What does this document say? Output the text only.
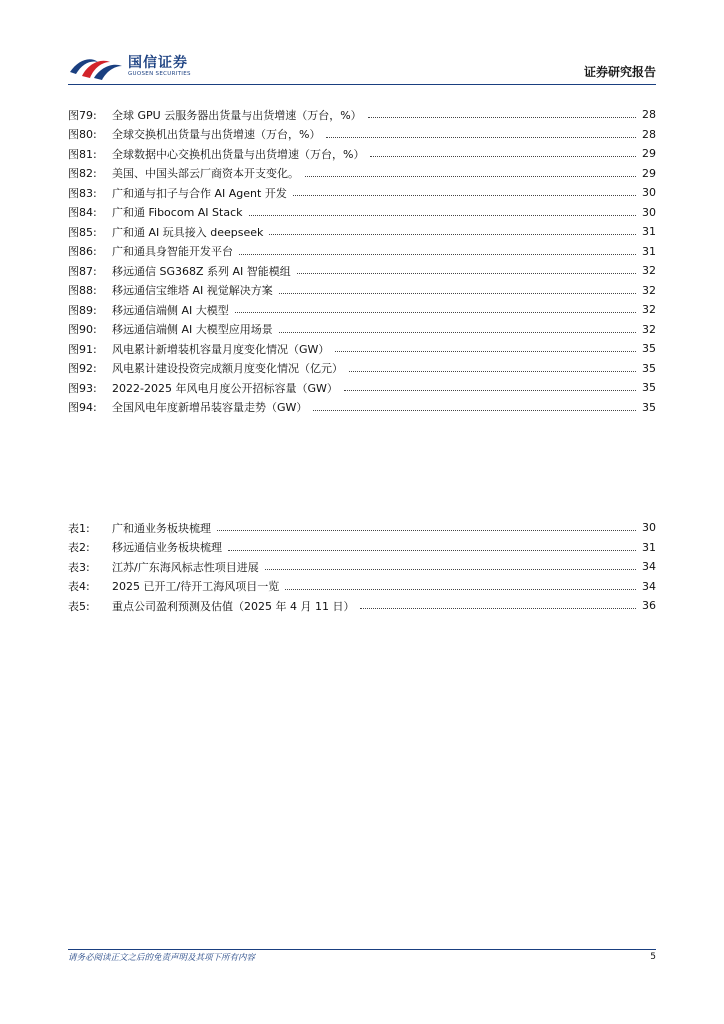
国信证券
GUOSEN SECURITIES	证券研究报告
图79:	全球 GPU 云服务器出货量与出货增速（万台，%）	28
图80:	全球交换机出货量与出货增速（万台，%）	28
图81:	全球数据中心交换机出货量与出货增速（万台，%）	29
图82:	美国、中国头部云厂商资本开支变化。	29
图83:	广和通与扣子与合作 AI Agent 开发	30
图84:	广和通 Fibocom AI Stack	30
图85:	广和通 AI 玩具接入 deepseek	31
图86:	广和通具身智能开发平台	31
图87:	移远通信 SG368Z 系列 AI 智能模组	32
图88:	移远通信宝维塔 AI 视觉解决方案	32
图89:	移远通信端侧 AI 大模型	32
图90:	移远通信端侧 AI 大模型应用场景	32
图91:	风电累计新增装机容量月度变化情况（GW）	35
图92:	风电累计建设投资完成额月度变化情况（亿元）	35
图93:	2022-2025 年风电月度公开招标容量（GW）	35
图94:	全国风电年度新增吊装容量走势（GW）	35
表1:	广和通业务板块梳理	30
表2:	移远通信业务板块梳理	31
表3:	江苏/广东海风标志性项目进展	34
表4:	2025 已开工/待开工海风项目一览	34
表5:	重点公司盈利预测及估值（2025 年 4 月 11 日）	36
请务必阅读正文之后的免责声明及其项下所有内容	5
